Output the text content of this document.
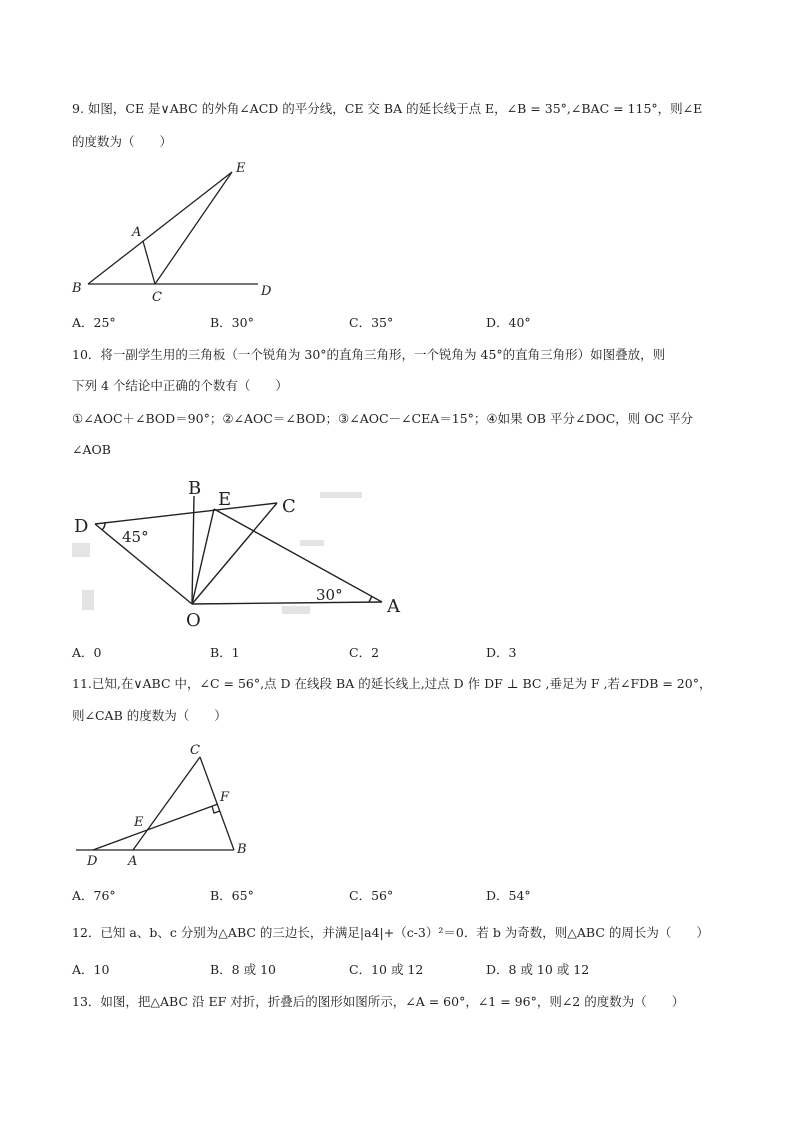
9. 如图，CE 是∨ABC 的外角∠ACD 的平分线，CE 交 BA 的延长线于点 E，∠B = 35°,∠BAC = 115°，则∠E
的度数为（　　）
E
A
B
C	D
A．25°	B．30°	C．35°	D．40°
10．将一副学生用的三角板（一个锐角为 30°的直角三角形，一个锐角为 45°的直角三角形）如图叠放，则
下列 4 个结论中正确的个数有（　　）
①∠AOC＋∠BOD＝90°；②∠AOC＝∠BOD；③∠AOC－∠CEA＝15°；④如果 OB 平分∠DOC，则 OC 平分
∠AOB
B
E	C
D
O
A
45°
30°
A．0	B．1	C．2	D．3
11.已知,在∨ABC 中，∠C = 56°,点 D 在线段 BA 的延长线上,过点 D 作 DF ⊥ BC ,垂足为 F ,若∠FDB = 20°，
则∠CAB 的度数为（　　）
C
F
E
D A
B
A．76°	B．65°	C．56°	D．54°
12．已知 a、b、c 分别为△ABC 的三边长，并满足|a4|+（c-3）²＝0．若 b 为奇数，则△ABC 的周长为（　　）
A．10	B．8 或 10	C．10 或 12	D．8 或 10 或 12
13．如图，把△ABC 沿 EF 对折，折叠后的图形如图所示，∠A = 60°，∠1 = 96°，则∠2 的度数为（　　）
